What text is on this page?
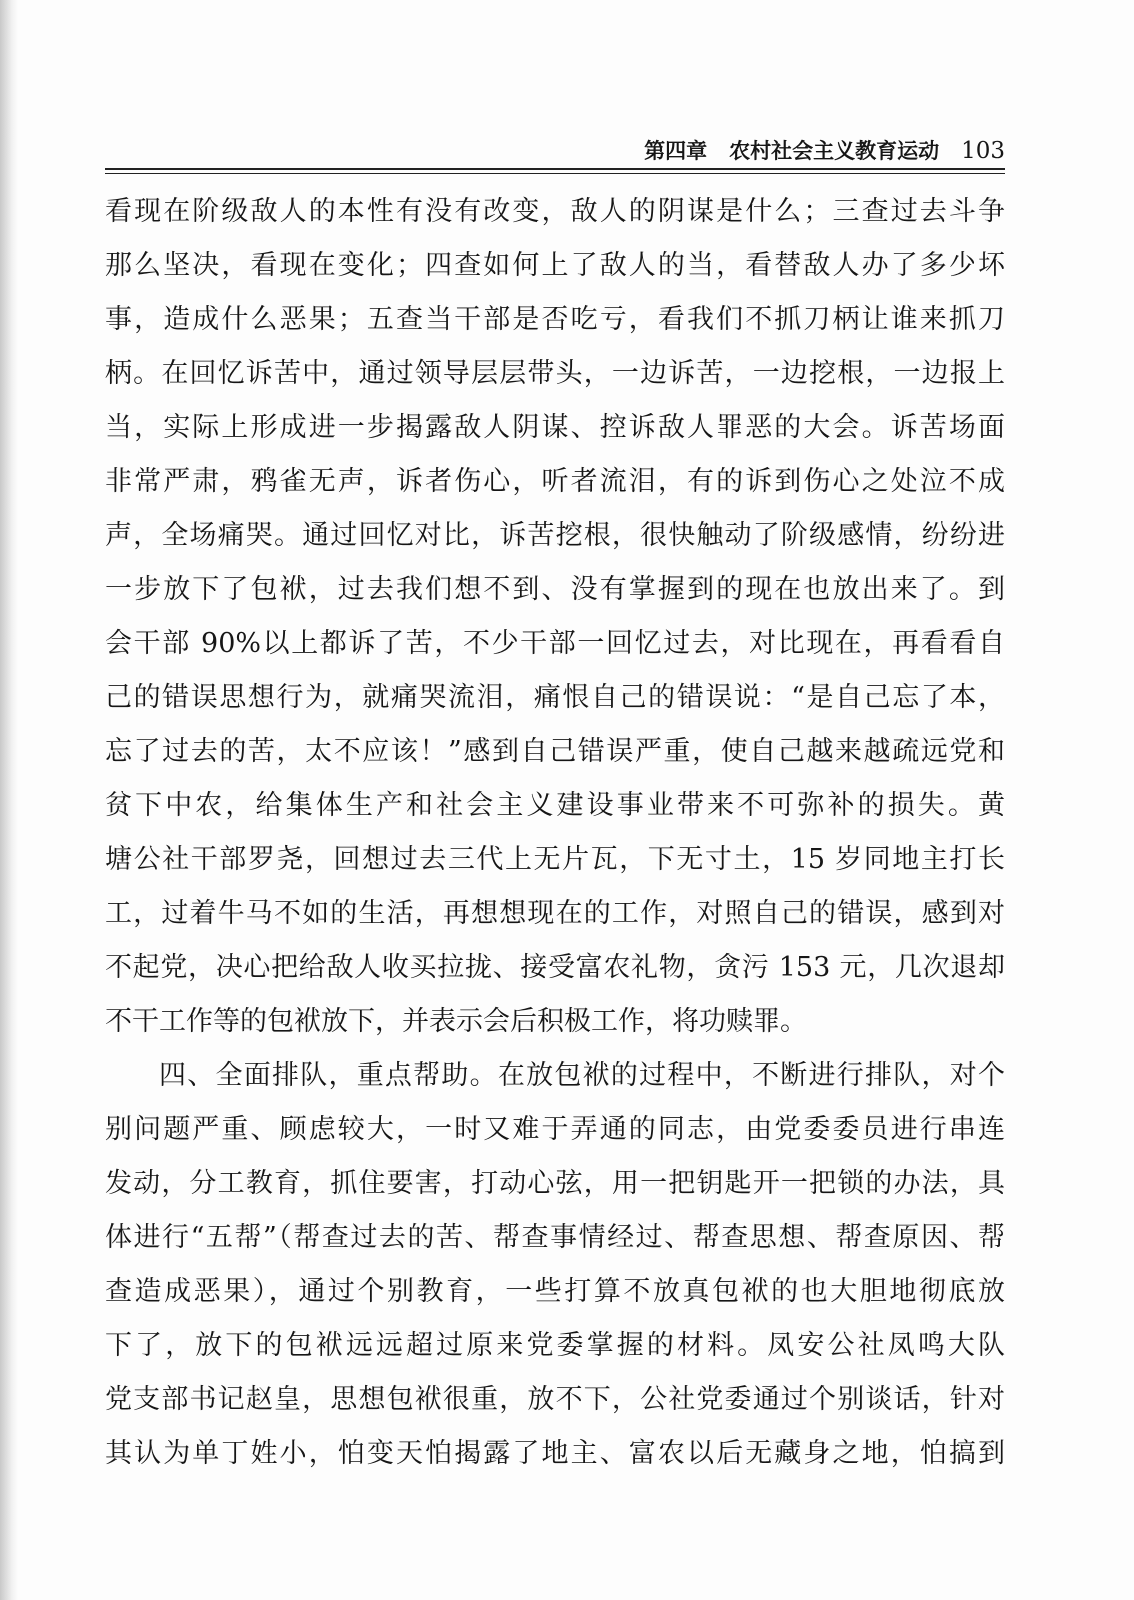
第四章 农村社会主义教育运动 103
看现在阶级敌人的本性有没有改变，敌人的阴谋是什么；三查过去斗争
那么坚决，看现在变化；四查如何上了敌人的当，看替敌人办了多少坏
事，造成什么恶果；五查当干部是否吃亏，看我们不抓刀柄让谁来抓刀
柄。在回忆诉苦中，通过领导层层带头，一边诉苦，一边挖根，一边报上
当，实际上形成进一步揭露敌人阴谋、控诉敌人罪恶的大会。诉苦场面
非常严肃，鸦雀无声，诉者伤心，听者流泪，有的诉到伤心之处泣不成
声，全场痛哭。通过回忆对比，诉苦挖根，很快触动了阶级感情，纷纷进
一步放下了包袱，过去我们想不到、没有掌握到的现在也放出来了。到
会干部 90%以上都诉了苦，不少干部一回忆过去，对比现在，再看看自
己的错误思想行为，就痛哭流泪，痛恨自己的错误说：“是自己忘了本，
忘了过去的苦，太不应该！”感到自己错误严重，使自己越来越疏远党和
贫下中农，给集体生产和社会主义建设事业带来不可弥补的损失。黄
塘公社干部罗尧，回想过去三代上无片瓦，下无寸土，15 岁同地主打长
工，过着牛马不如的生活，再想想现在的工作，对照自己的错误，感到对
不起党，决心把给敌人收买拉拢、接受富农礼物，贪污 153 元，几次退却
不干工作等的包袱放下，并表示会后积极工作，将功赎罪。
四、全面排队，重点帮助。在放包袱的过程中，不断进行排队，对个
别问题严重、顾虑较大，一时又难于弄通的同志，由党委委员进行串连
发动，分工教育，抓住要害，打动心弦，用一把钥匙开一把锁的办法，具
体进行“五帮”（帮查过去的苦、帮查事情经过、帮查思想、帮查原因、帮
查造成恶果），通过个别教育，一些打算不放真包袱的也大胆地彻底放
下了，放下的包袱远远超过原来党委掌握的材料。凤安公社凤鸣大队
党支部书记赵皇，思想包袱很重，放不下，公社党委通过个别谈话，针对
其认为单丁姓小，怕变天怕揭露了地主、富农以后无藏身之地，怕搞到
